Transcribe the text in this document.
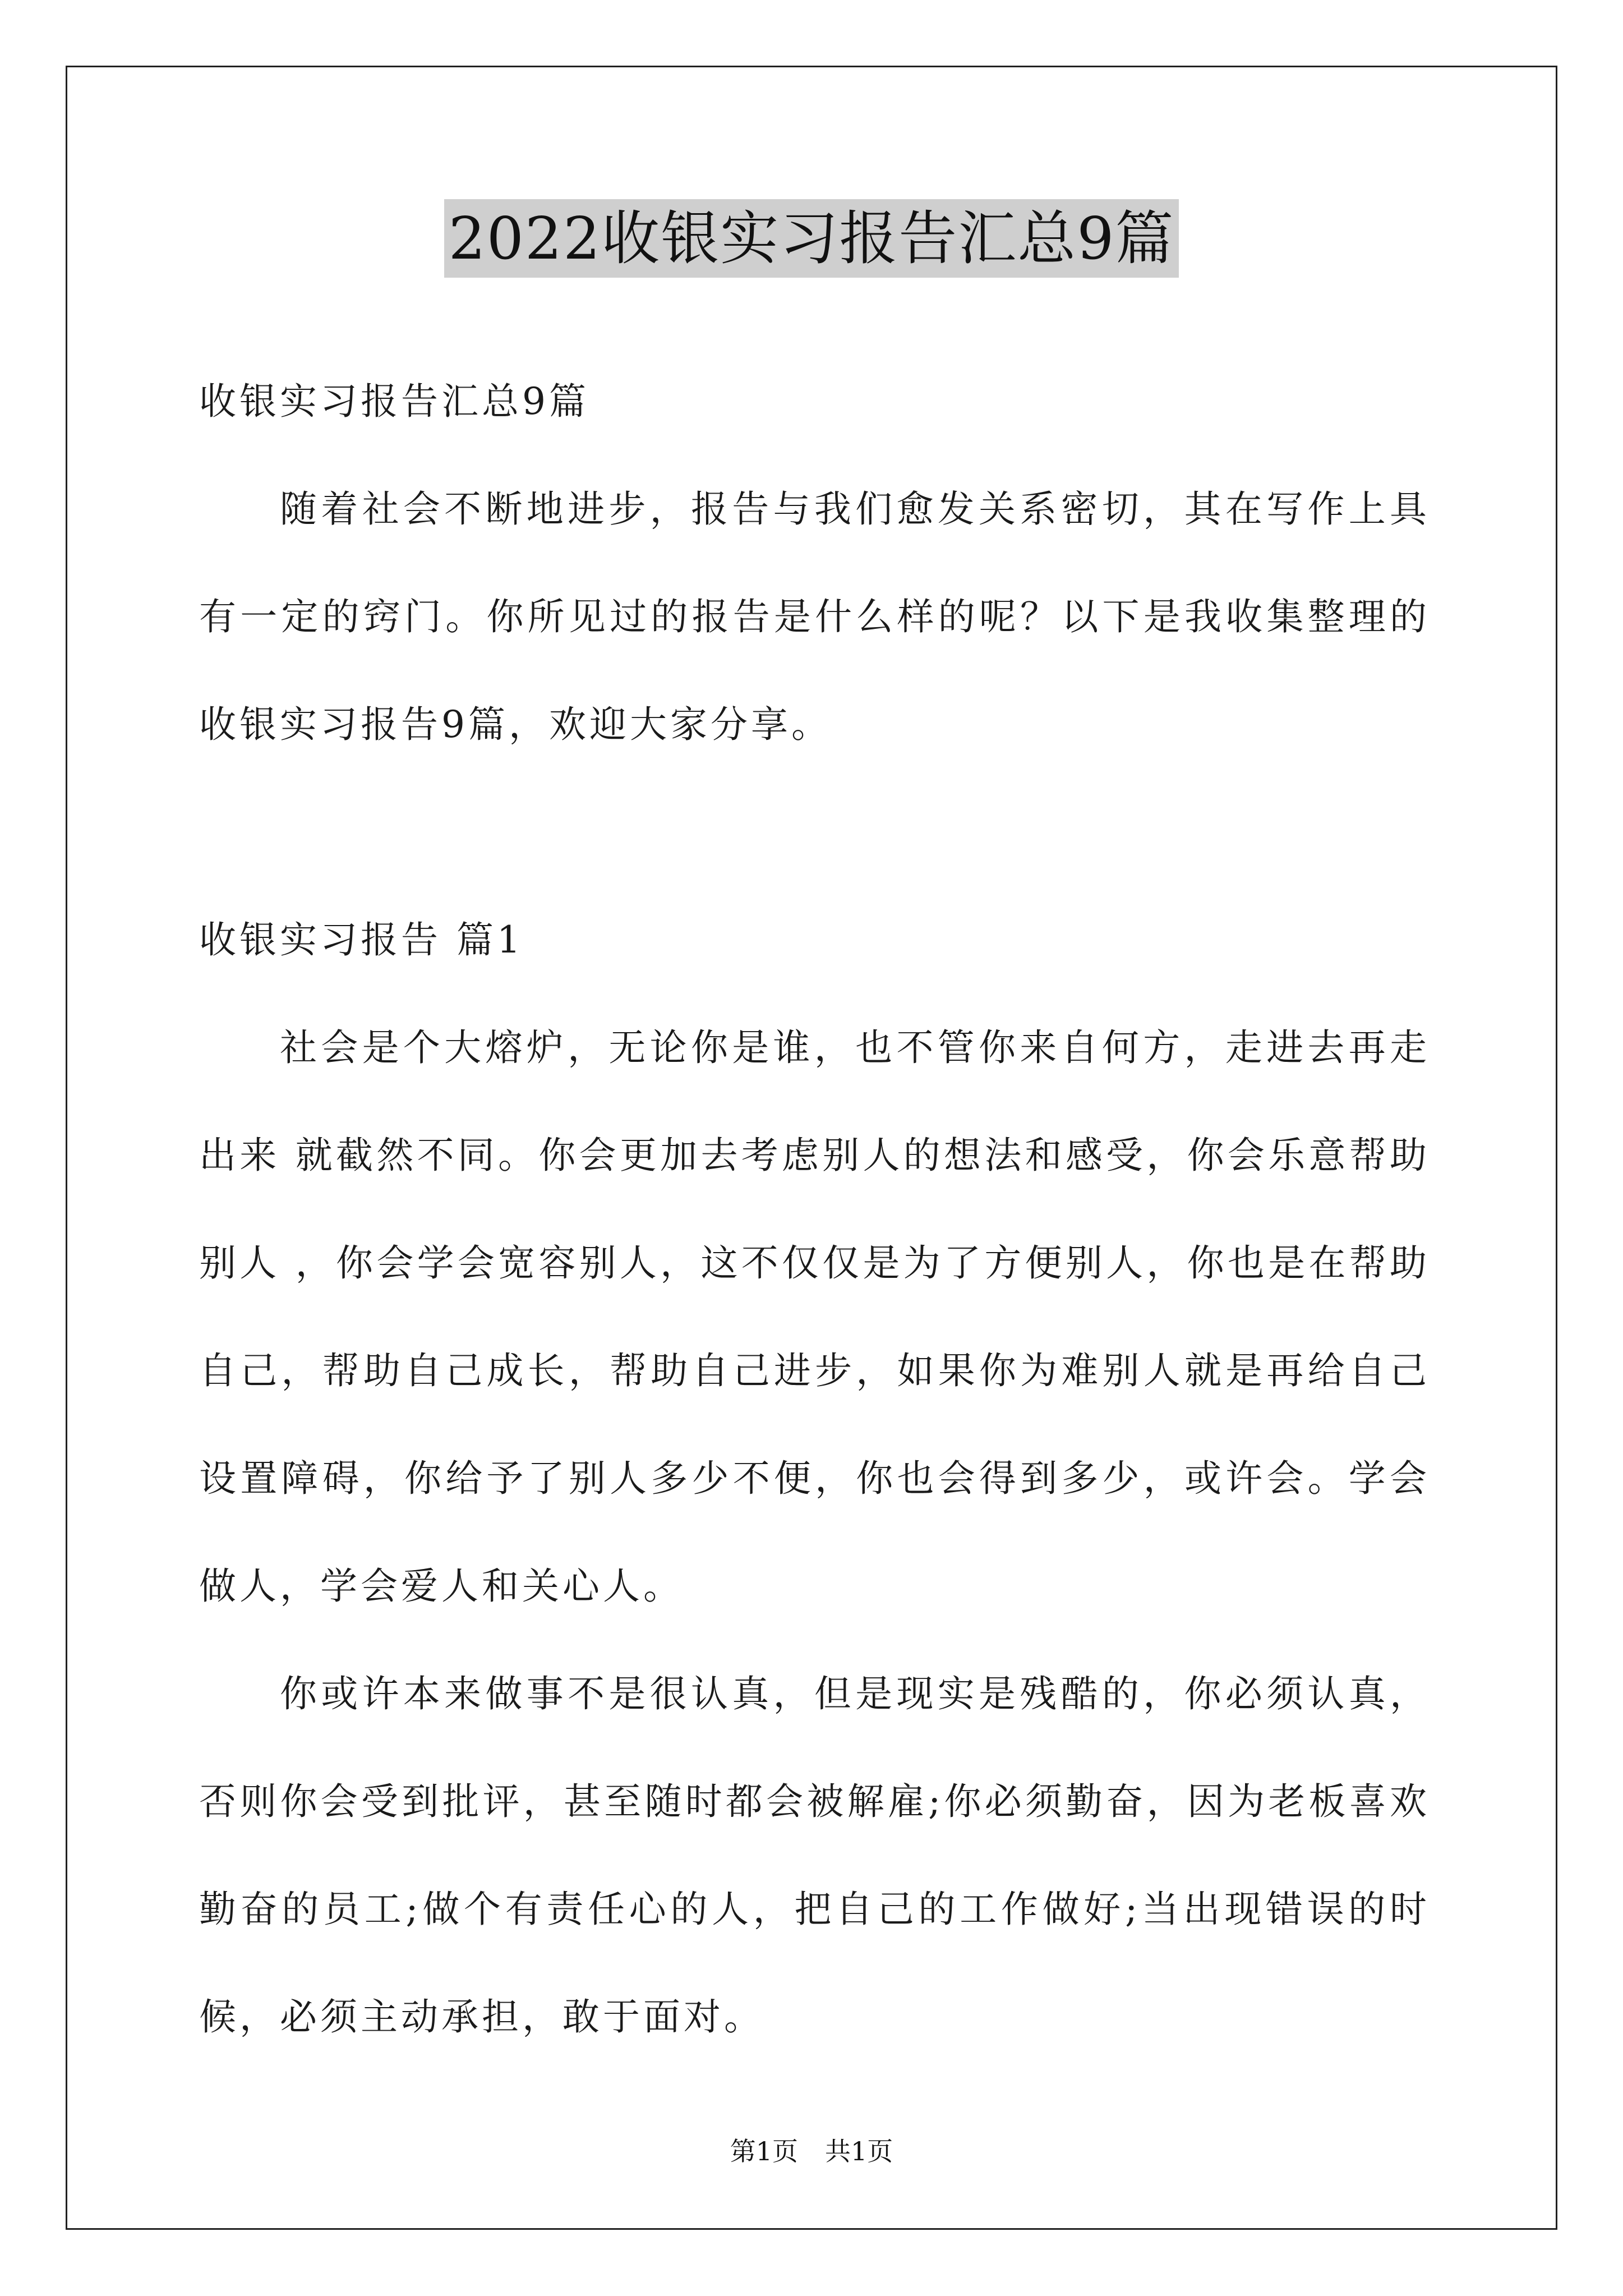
2022收银实习报告汇总9篇

收银实习报告汇总9篇

随着社会不断地进步，报告与我们愈发关系密切，其在写作上具有一定的窍门。你所见过的报告是什么样的呢？以下是我收集整理的收银实习报告9篇，欢迎大家分享。

收银实习报告 篇1

社会是个大熔炉，无论你是谁，也不管你来自何方，走进去再走出来 就截然不同。你会更加去考虑别人的想法和感受，你会乐意帮助别人 ，你会学会宽容别人，这不仅仅是为了方便别人，你也是在帮助自己，帮助自己成长，帮助自己进步，如果你为难别人就是再给自己设置障碍，你给予了别人多少不便，你也会得到多少，或许会。学会做人，学会爱人和关心人。

你或许本来做事不是很认真，但是现实是残酷的，你必须认真，否则你会受到批评，甚至随时都会被解雇;你必须勤奋，因为老板喜欢勤奋的员工;做个有责任心的人，把自己的工作做好;当出现错误的时候，必须主动承担，敢于面对。

第1页 共1页
